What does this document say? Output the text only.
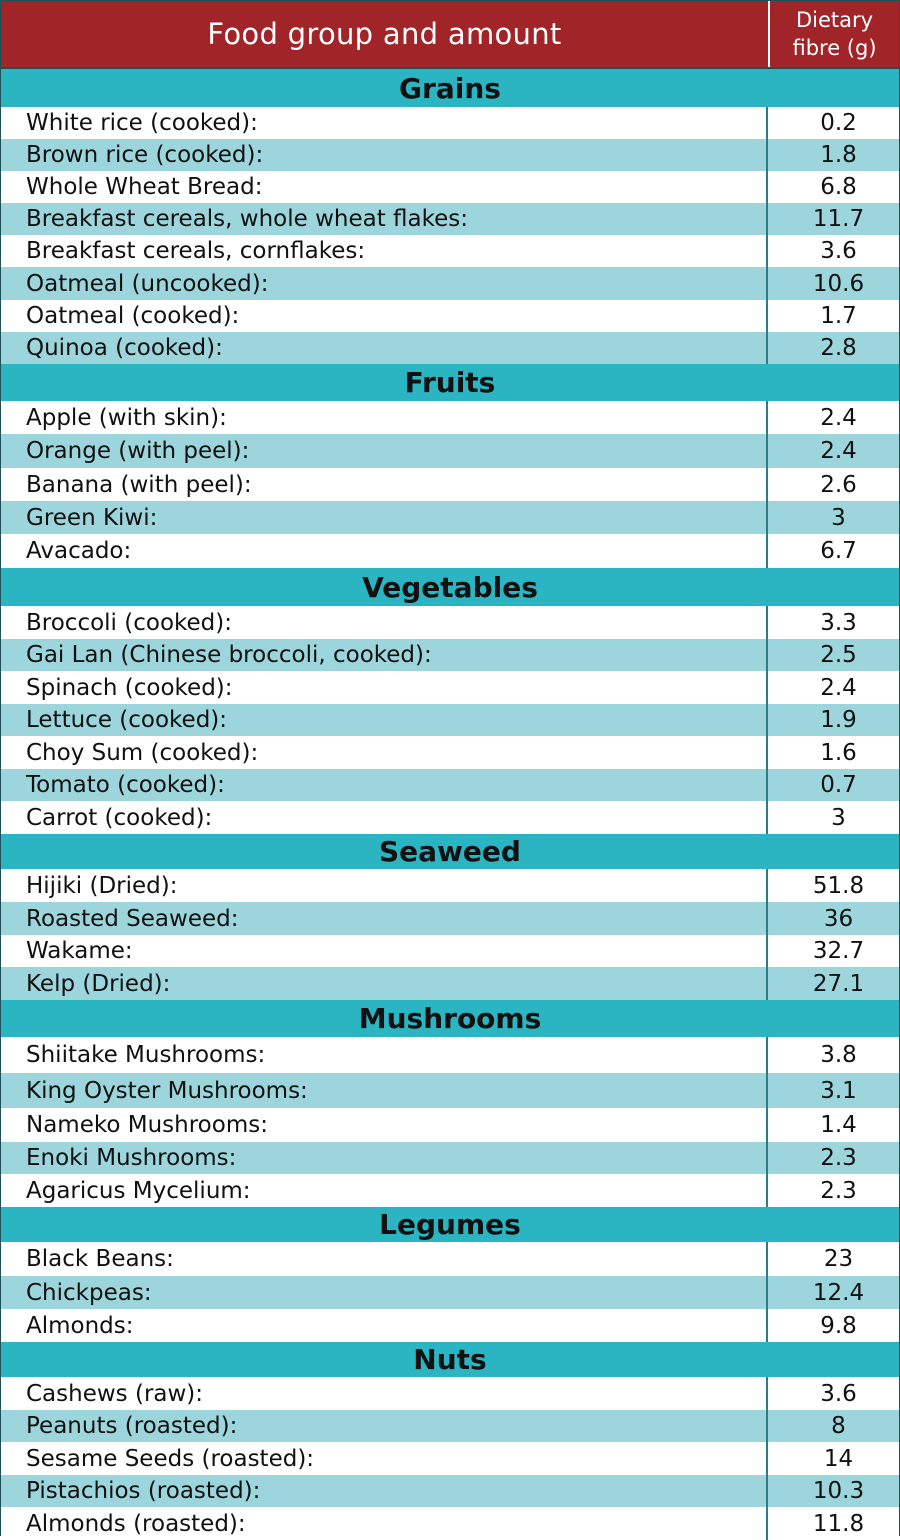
Food group and amount	Dietary
fibre (g)
Grains
White rice (cooked):	0.2
Brown rice (cooked):	1.8
Whole Wheat Bread:	6.8
Breakfast cereals, whole wheat flakes:	11.7
Breakfast cereals, cornflakes:	3.6
Oatmeal (uncooked):	10.6
Oatmeal (cooked):	1.7
Quinoa (cooked):	2.8
Fruits
Apple (with skin):	2.4
Orange (with peel):	2.4
Banana (with peel):	2.6
Green Kiwi:	3
Avacado:	6.7
Vegetables
Broccoli (cooked):	3.3
Gai Lan (Chinese broccoli, cooked):	2.5
Spinach (cooked):	2.4
Lettuce (cooked):	1.9
Choy Sum (cooked):	1.6
Tomato (cooked):	0.7
Carrot (cooked):	3
Seaweed
Hijiki (Dried):	51.8
Roasted Seaweed:	36
Wakame:	32.7
Kelp (Dried):	27.1
Mushrooms
Shiitake Mushrooms:	3.8
King Oyster Mushrooms:	3.1
Nameko Mushrooms:	1.4
Enoki Mushrooms:	2.3
Agaricus Mycelium:	2.3
Legumes
Black Beans:	23
Chickpeas:	12.4
Almonds:	9.8
Nuts
Cashews (raw):	3.6
Peanuts (roasted):	8
Sesame Seeds (roasted):	14
Pistachios (roasted):	10.3
Almonds (roasted):	11.8
